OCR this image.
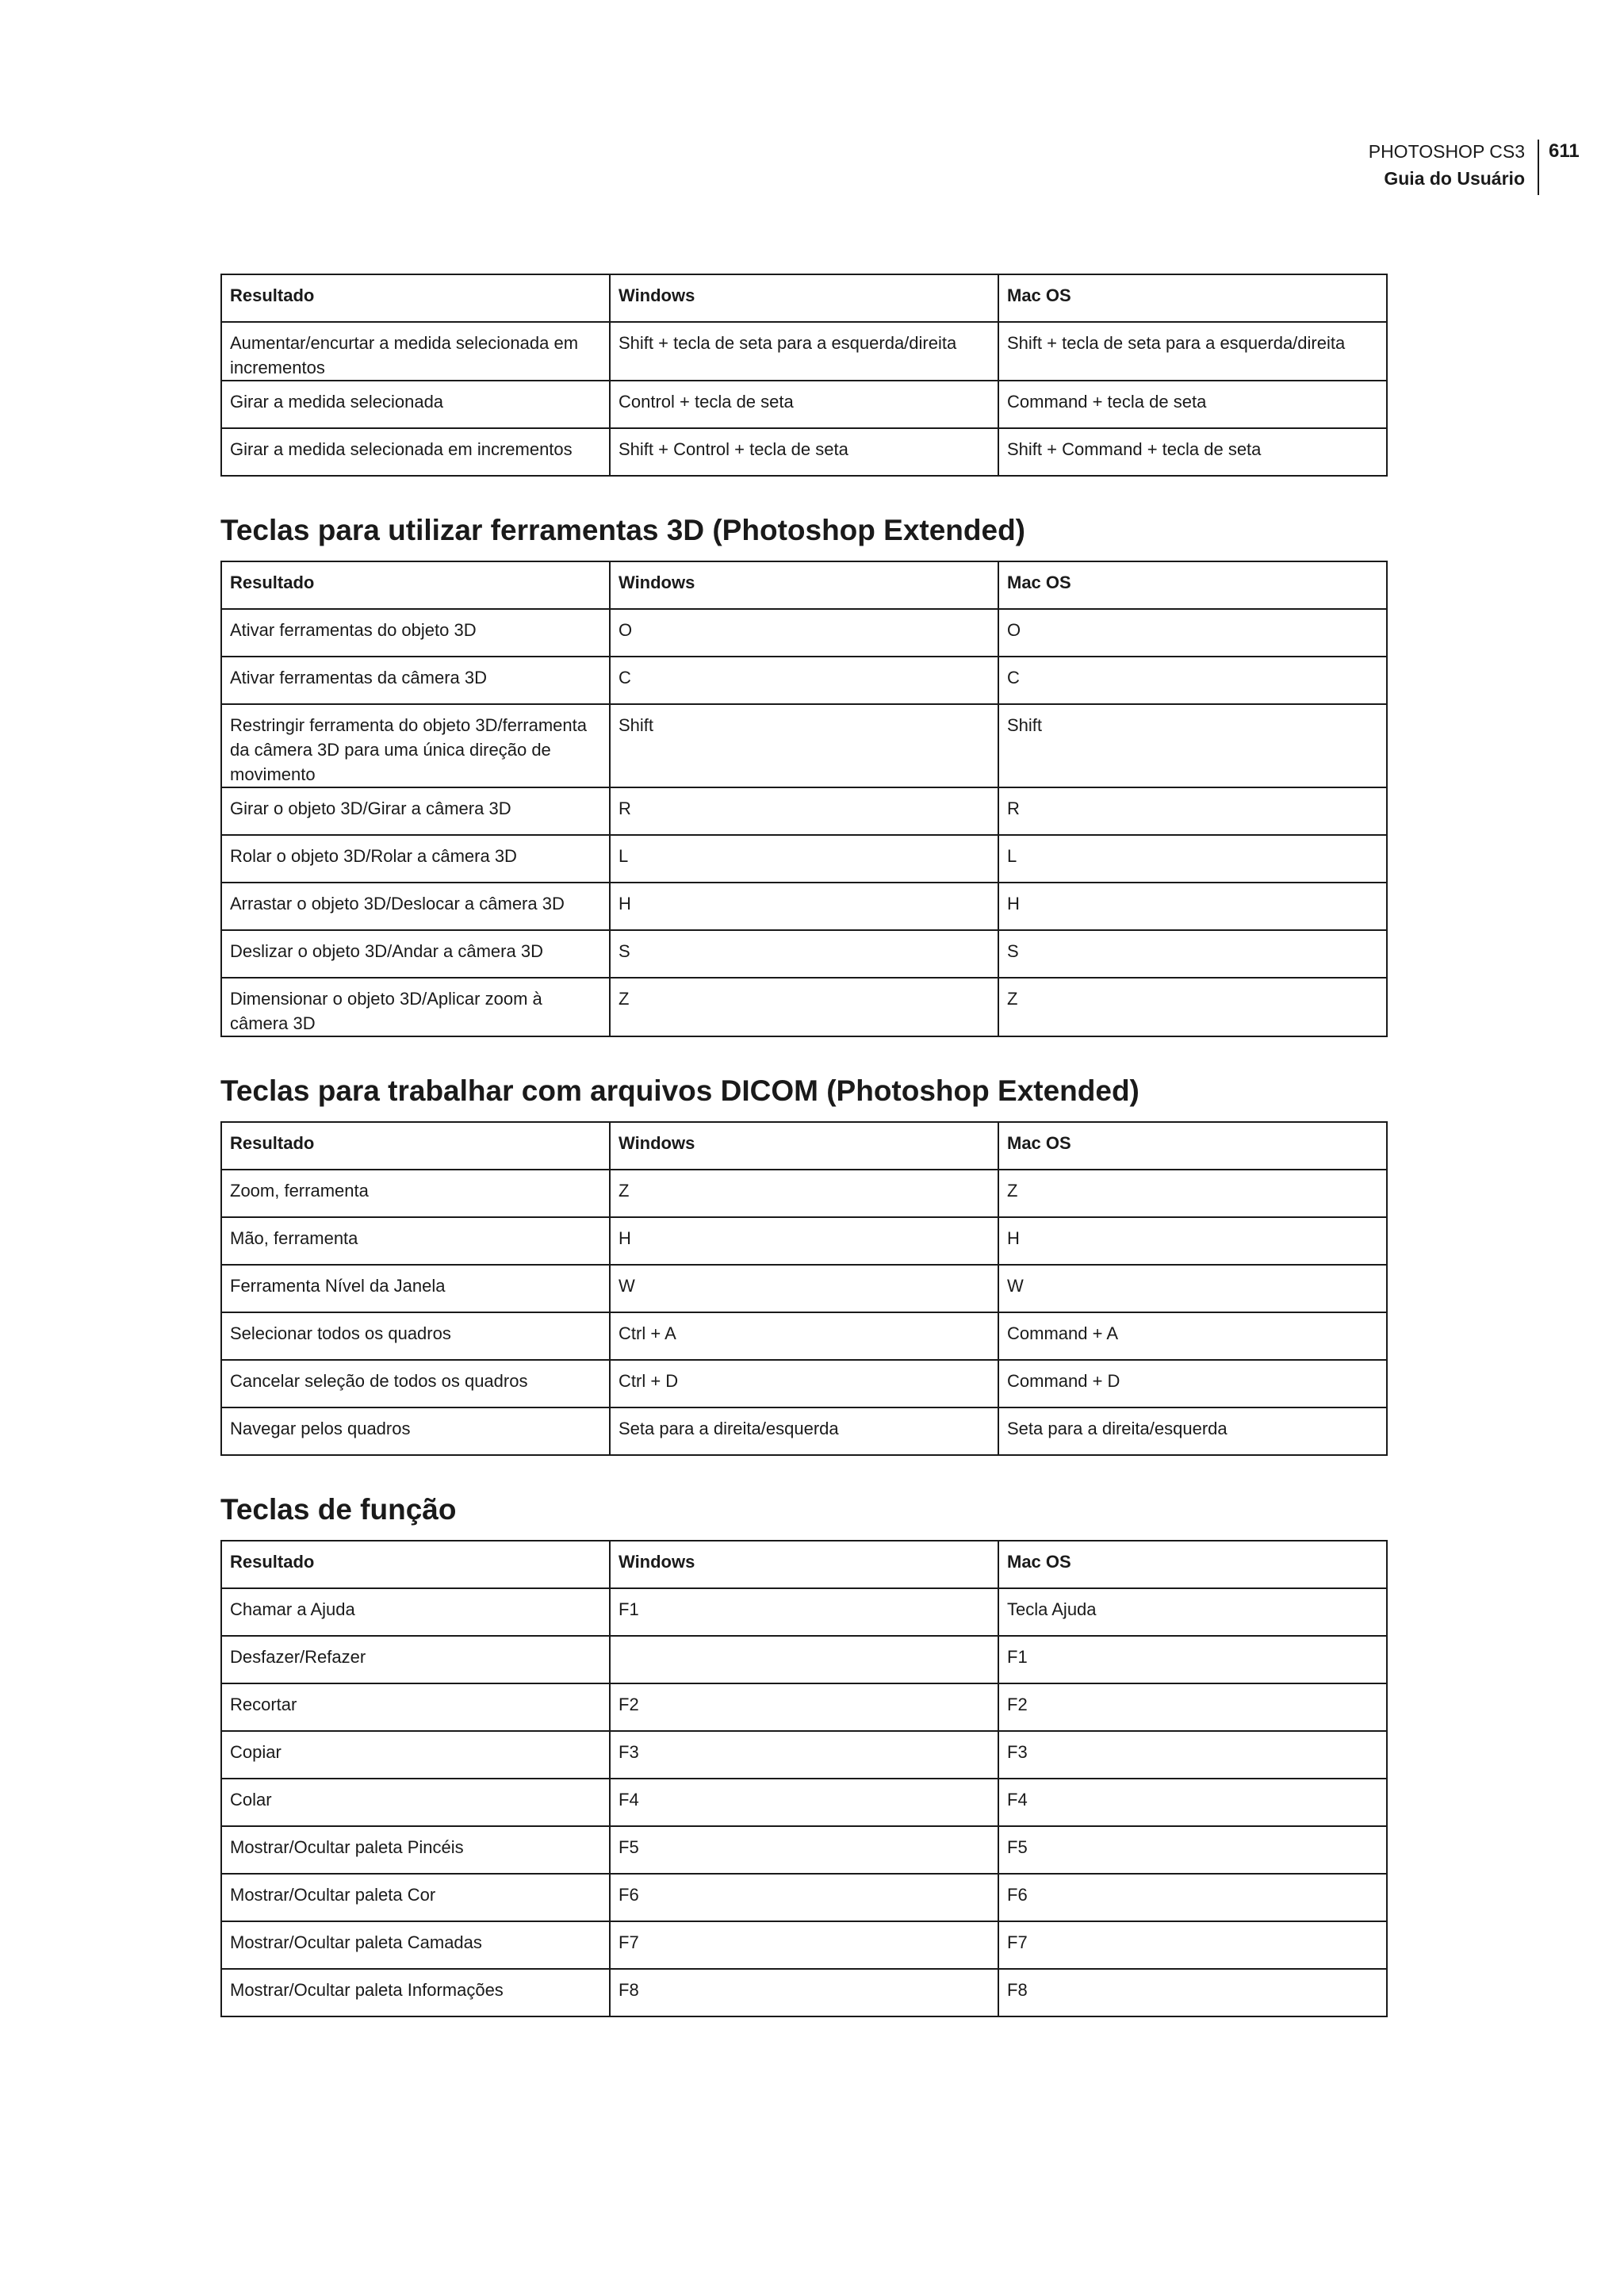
PHOTOSHOP CS3
Guia do Usuário
611
Resultado	Windows	Mac OS
Aumentar/encurtar a medida selecionada em incrementos	Shift + tecla de seta para a esquerda/direita	Shift + tecla de seta para a esquerda/direita
Girar a medida selecionada	Control + tecla de seta	Command + tecla de seta
Girar a medida selecionada em incrementos	Shift + Control + tecla de seta	Shift + Command + tecla de seta
Teclas para utilizar ferramentas 3D (Photoshop Extended)
Resultado	Windows	Mac OS
Ativar ferramentas do objeto 3D	O	O
Ativar ferramentas da câmera 3D	C	C
Restringir ferramenta do objeto 3D/ferramenta da câmera 3D para uma única direção de movimento	Shift	Shift
Girar o objeto 3D/Girar a câmera 3D	R	R
Rolar o objeto 3D/Rolar a câmera 3D	L	L
Arrastar o objeto 3D/Deslocar a câmera 3D	H	H
Deslizar o objeto 3D/Andar a câmera 3D	S	S
Dimensionar o objeto 3D/Aplicar zoom à câmera 3D	Z	Z
Teclas para trabalhar com arquivos DICOM (Photoshop Extended)
Resultado	Windows	Mac OS
Zoom, ferramenta	Z	Z
Mão, ferramenta	H	H
Ferramenta Nível da Janela	W	W
Selecionar todos os quadros	Ctrl + A	Command + A
Cancelar seleção de todos os quadros	Ctrl + D	Command + D
Navegar pelos quadros	Seta para a direita/esquerda	Seta para a direita/esquerda
Teclas de função
Resultado	Windows	Mac OS
Chamar a Ajuda	F1	Tecla Ajuda
Desfazer/Refazer		F1
Recortar	F2	F2
Copiar	F3	F3
Colar	F4	F4
Mostrar/Ocultar paleta Pincéis	F5	F5
Mostrar/Ocultar paleta Cor	F6	F6
Mostrar/Ocultar paleta Camadas	F7	F7
Mostrar/Ocultar paleta Informações	F8	F8
